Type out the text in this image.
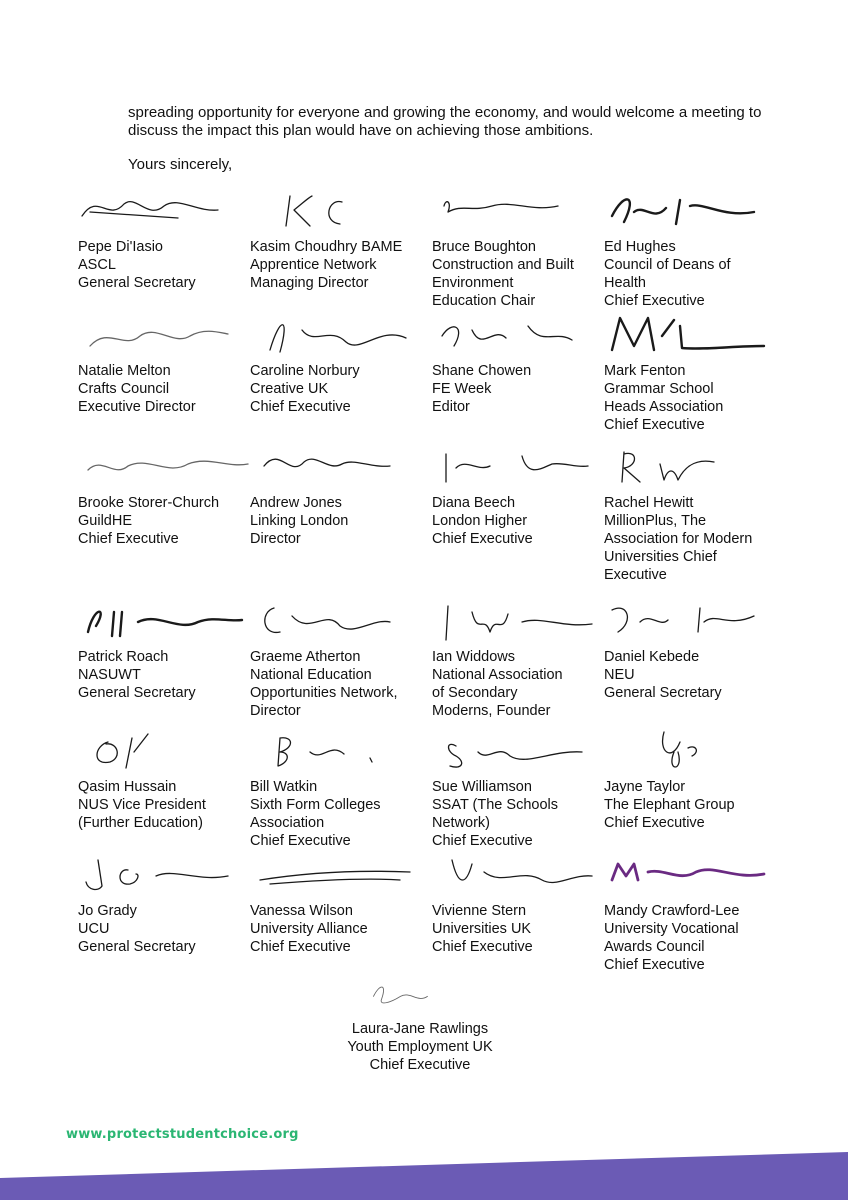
spreading opportunity for everyone and growing the economy, and would welcome a meeting to discuss the impact this plan would have on achieving those ambitions.

Yours sincerely,

Pepe Di'Iasio
ASCL
General Secretary
Kasim Choudhry BAME
Apprentice Network
Managing Director
Bruce Boughton
Construction and Built
Environment
Education Chair
Ed Hughes
Council of Deans of
Health
Chief Executive
Natalie Melton
Crafts Council
Executive Director
Caroline Norbury
Creative UK
Chief Executive
Shane Chowen
FE Week
Editor
Mark Fenton
Grammar School
Heads Association
Chief Executive
Brooke Storer-Church
GuildHE
Chief Executive
Andrew Jones
Linking London
Director
Diana Beech
London Higher
Chief Executive
Rachel Hewitt
MillionPlus, The
Association for Modern
Universities Chief
Executive
Patrick Roach
NASUWT
General Secretary
Graeme Atherton
National Education
Opportunities Network,
Director
Ian Widdows
National Association
of Secondary
Moderns, Founder
Daniel Kebede
NEU
General Secretary
Qasim Hussain
NUS Vice President
(Further Education)
Bill Watkin
Sixth Form Colleges
Association
Chief Executive
Sue Williamson
SSAT (The Schools
Network)
Chief Executive
Jayne Taylor
The Elephant Group
Chief Executive
Jo Grady
UCU
General Secretary
Vanessa Wilson
University Alliance
Chief Executive
Vivienne Stern
Universities UK
Chief Executive
Mandy Crawford-Lee
University Vocational
Awards Council
Chief Executive
Laura-Jane Rawlings
Youth Employment UK
Chief Executive
www.protectstudentchoice.org
